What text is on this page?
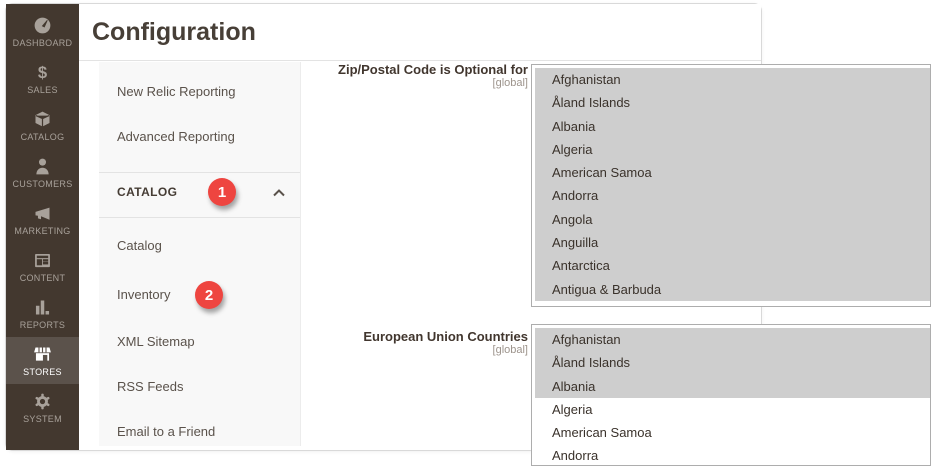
DASHBOARD
$
SALES
CATALOG
CUSTOMERS
MARKETING
CONTENT
REPORTS
STORES
SYSTEM
Configuration
New Relic Reporting
Advanced Reporting
CATALOG
Catalog
Inventory
XML Sitemap
RSS Feeds
Email to a Friend
1
2
Zip/Postal Code is Optional for
[global]	Afghanistan
Åland Islands
Albania
Algeria
American Samoa
Andorra
Angola
Anguilla
Antarctica
Antigua & Barbuda
European Union Countries
[global]
Afghanistan
Åland Islands
Albania
Algeria
American Samoa
Andorra
